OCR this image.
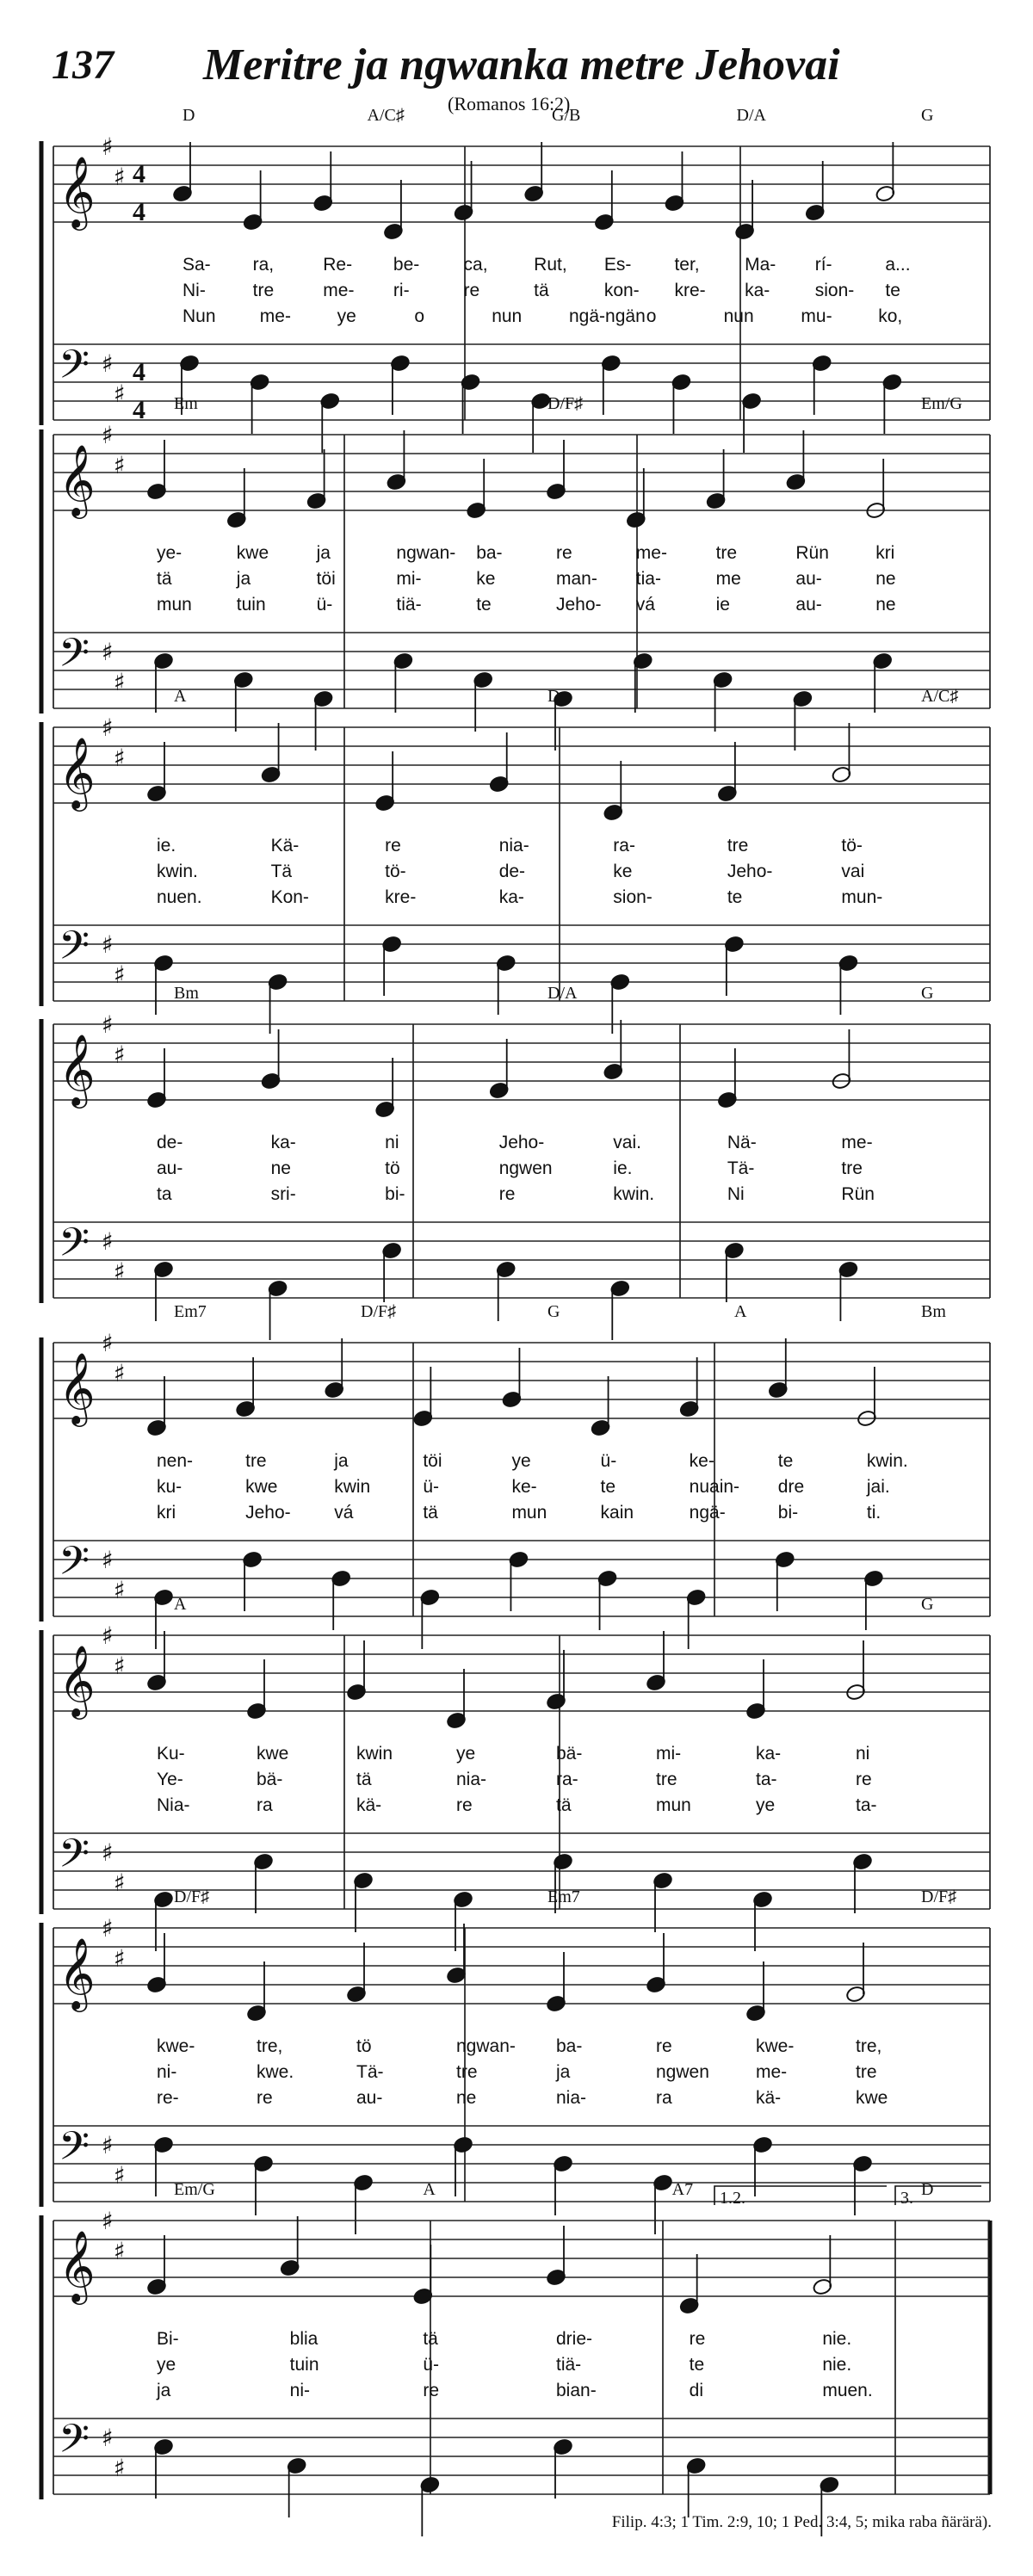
137 Meritre ja ngwanka metre Jehovai
(Romanos 16:2)
𝄞
𝄢
♯
♯
♯
♯
4
4
4
4
D	A/C♯	G/B	D/A	G
Sa- ra,	Re- be- ca,	Rut, Es- ter, Ma- rí-	a...
Ni-	tre	me- ri-	re	tä	kon- kre- ka- sion- te
Nun me-	ye	o	nun	ngä-ngän o	nun	mu-	ko,
𝄞
𝄢
♯
♯
♯
♯
Em	D/F♯	Em/G
ye-	kwe	ja	ngwan- ba-	re	me-	tre	Rün	kri
tä	ja	töi	mi-	ke	man- tia-	me	au-	ne
mun tuin	ü-	tiä-	te	Jeho- vá	ie	au-	ne
𝄞
𝄢
♯
♯
♯
♯
A	D	A/C♯
ie.	Kä-	re	nia-	ra-	tre	tö-
kwin.	Tä	tö-	de-	ke	Jeho-	vai
nuen.	Kon-	kre-	ka-	sion-	te	mun-
𝄞
𝄢
♯
♯
♯
♯
Bm	D/A	G
de-	ka-	ni	Jeho-	vai.	Nä-	me-
au-	ne	tö	ngwen	ie.	Tä-	tre
ta	sri-	bi-	re	kwin.	Ni	Rün
𝄞
𝄢
♯
♯
♯
♯
Em7	D/F♯	G	A	Bm
nen-	tre	ja	töi	ye	ü-	ke-	te	kwin.
ku-	kwe	kwin	ü-	ke-	te	nuain- dre	jai.
kri	Jeho- vá	tä	mun	kain	ngä-	bi-	ti.
𝄞
𝄢
♯
♯
♯
♯
A	G
Ku-	kwe	kwin	ye	bä-	mi-	ka-	ni
Ye-	bä-	tä	nia-	ra-	tre	ta-	re
Nia-	ra	kä-	re	tä	mun	ye	ta-
𝄞
𝄢
♯
♯
♯
♯
D/F♯	Em7	D/F♯
kwe-	tre,	tö	ngwan- ba-	re	kwe-	tre,
ni-	kwe.	Tä-	tre	ja	ngwen	me-	tre
re-	re	au-	ne	nia-	ra	kä-	kwe
𝄞
𝄢
♯
♯
♯
♯
Em/G	A	A7	D
Bi-	blia	tä	drie-	re	nie.
ye	tuin	ü-	tiä-	te	nie.
ja	ni-	re	bian-	di	muen.
1.2.	3.
Filip. 4:3; 1 Tim. 2:9, 10; 1 Ped. 3:4, 5; mika raba ñärärä).
